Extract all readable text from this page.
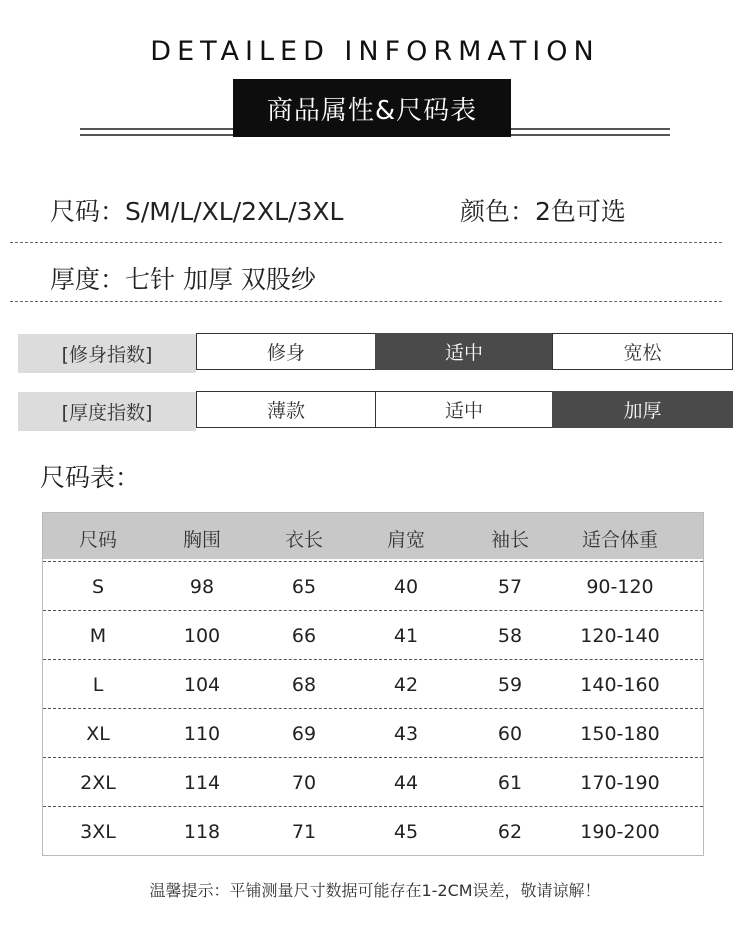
DETAILED INFORMATION
商品属性&尺码表
尺码：S/M/L/XL/2XL/3XL	颜色：2色可选
厚度：七针 加厚 双股纱
[修身指数]	修身	适中	宽松
[厚度指数]	薄款	适中	加厚
尺码表：
尺码	胸围	衣长	肩宽	袖长	适合体重
S	98	65	40	57	90-120
M	100	66	41	58	120-140
L	104	68	42	59	140-160
XL	110	69	43	60	150-180
2XL	114	70	44	61	170-190
3XL	118	71	45	62	190-200
温馨提示：平铺测量尺寸数据可能存在1-2CM误差，敬请谅解！
